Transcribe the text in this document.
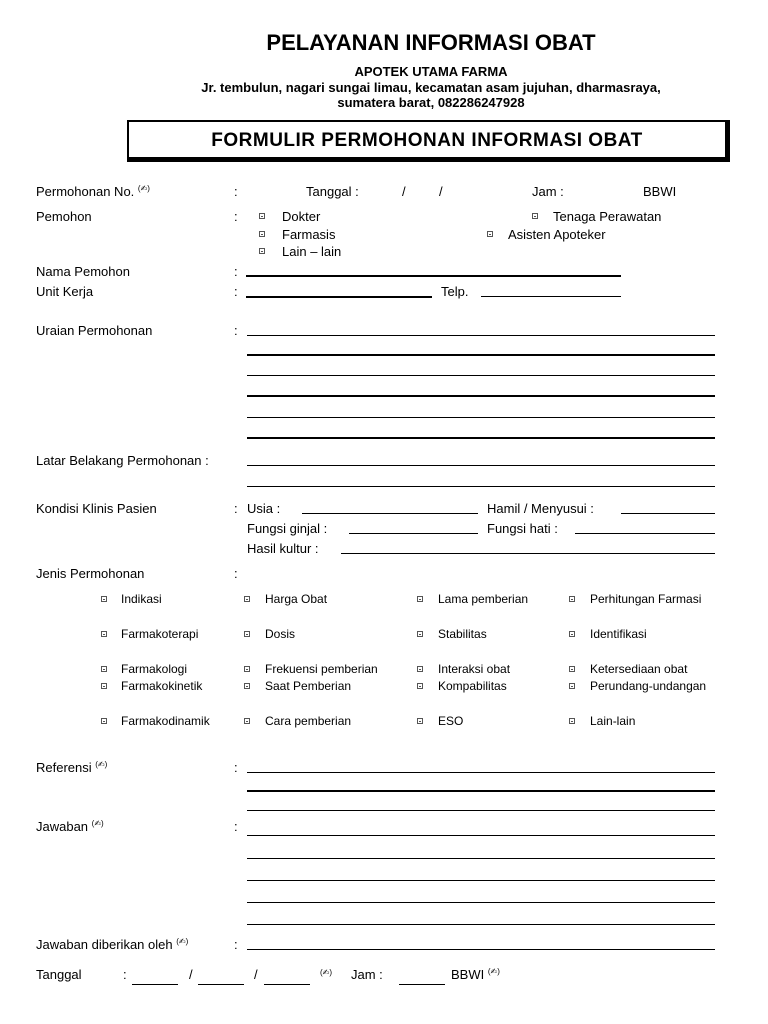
PELAYANAN INFORMASI OBAT
APOTEK UTAMA FARMA
Jr. tembulun, nagari sungai limau, kecamatan asam jujuhan, dharmasraya,
sumatera barat, 082286247928
FORMULIR PERMOHONAN INFORMASI OBAT
Permohonan No. (✍)	:	Tanggal :	/	/	Jam :	BBWI
Pemohon	:	Dokter
Farmasis
Lain – lain
Tenaga Perawatan
Asisten Apoteker
Nama Pemohon	:
Unit Kerja	:	Telp.
Uraian Permohonan	:
Latar Belakang Permohonan :
Kondisi Klinis Pasien	: Usia :	Hamil / Menyusui :
Fungsi ginjal :	Fungsi hati :
Hasil kultur :
Jenis Permohonan	:
Indikasi	Harga Obat	Lama pemberian	Perhitungan Farmasi
Farmakoterapi	Dosis	Stabilitas	Identifikasi
Farmakologi	Frekuensi pemberian	Interaksi obat	Ketersediaan obat
Farmakokinetik	Saat Pemberian	Kompabilitas	Perundang-undangan
Farmakodinamik	Cara pemberian	ESO	Lain-lain
Referensi (✍)	:
Jawaban (✍)	:
Jawaban diberikan oleh (✍)	:
Tanggal	:	/	/	(✍) Jam :	BBWI (✍)
